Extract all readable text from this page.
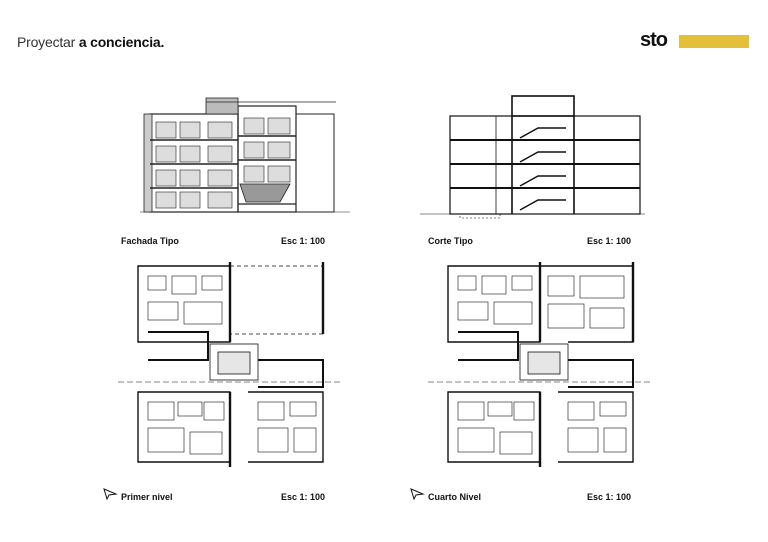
Proyectar a conciencia.	sto
Fachada Tipo	Esc 1: 100	Corte Tipo	Esc 1: 100
Primer nivel	Esc 1: 100	Cuarto Nivel	Esc 1: 100
